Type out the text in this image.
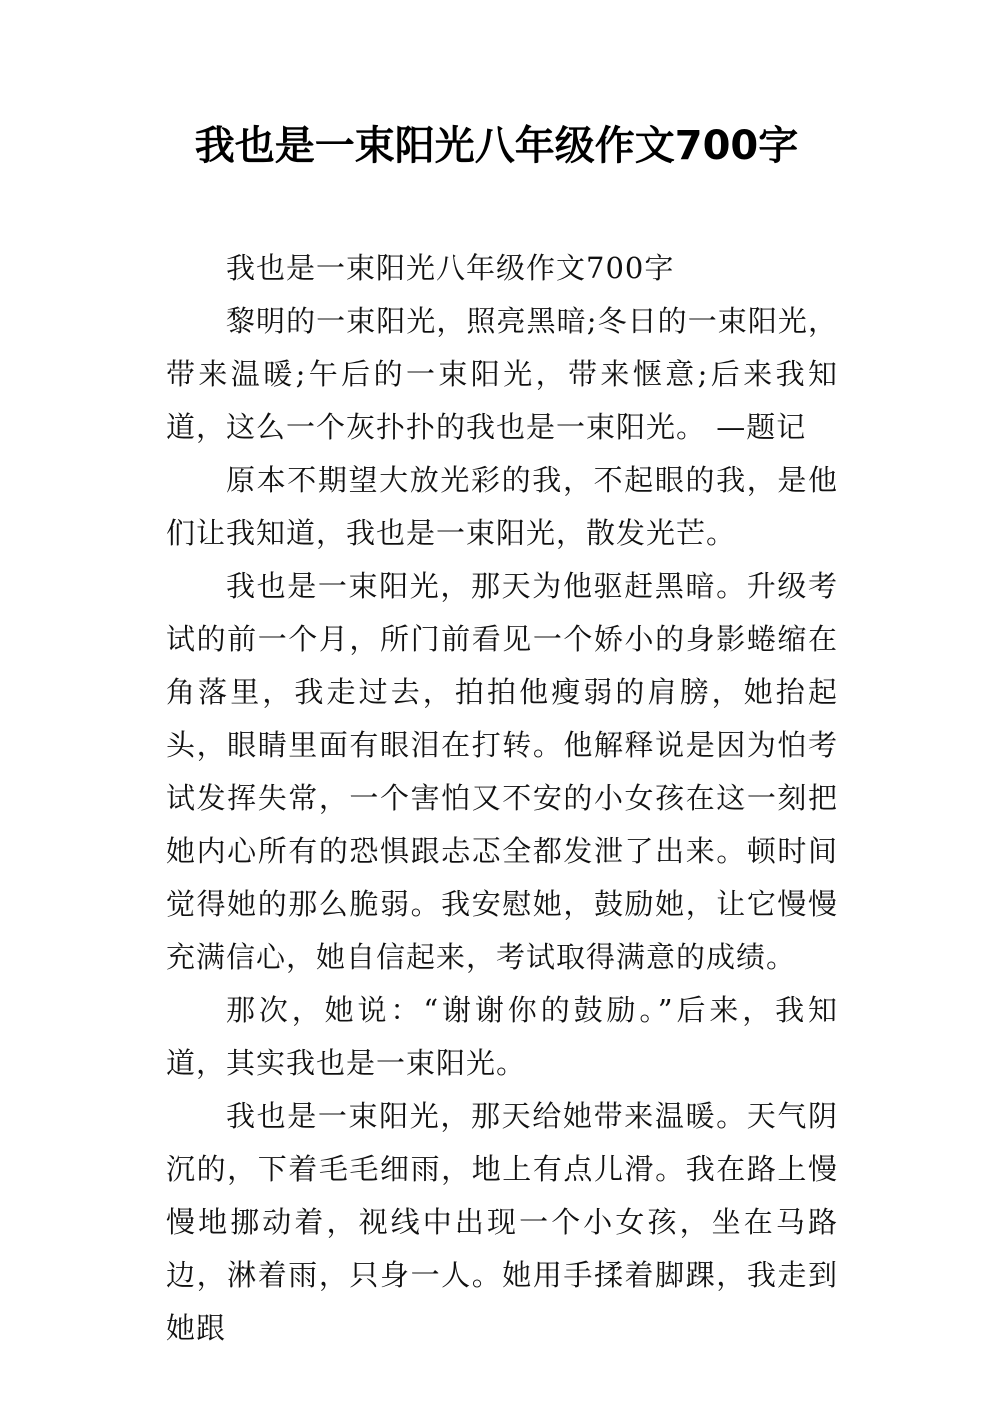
我也是一束阳光八年级作文700字

我也是一束阳光八年级作文700字

黎明的一束阳光，照亮黑暗;冬日的一束阳光，带来温暖;午后的一束阳光，带来惬意;后来我知道，这么一个灰扑扑的我也是一束阳光。 —题记

原本不期望大放光彩的我，不起眼的我，是他们让我知道，我也是一束阳光，散发光芒。

我也是一束阳光，那天为他驱赶黑暗。升级考试的前一个月，所门前看见一个娇小的身影蜷缩在角落里，我走过去，拍拍他瘦弱的肩膀，她抬起头，眼睛里面有眼泪在打转。他解释说是因为怕考试发挥失常，一个害怕又不安的小女孩在这一刻把她内心所有的恐惧跟忐忑全都发泄了出来。顿时间觉得她的那么脆弱。我安慰她，鼓励她，让它慢慢充满信心，她自信起来，考试取得满意的成绩。

那次，她说：“谢谢你的鼓励。”后来，我知道，其实我也是一束阳光。

我也是一束阳光，那天给她带来温暖。天气阴沉的，下着毛毛细雨，地上有点儿滑。我在路上慢慢地挪动着，视线中出现一个小女孩，坐在马路边，淋着雨，只身一人。她用手揉着脚踝，我走到她跟
